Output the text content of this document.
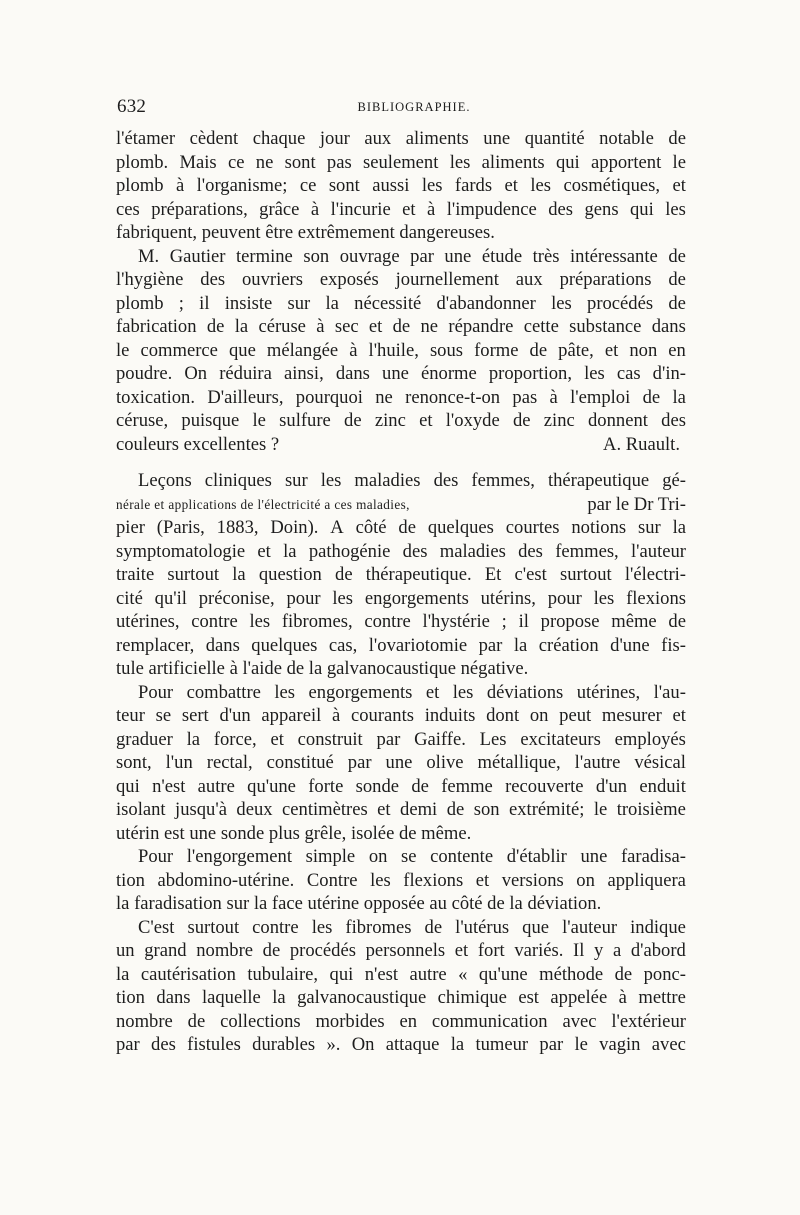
632	BIBLIOGRAPHIE.
l'étamer cèdent chaque jour aux aliments une quantité notable de
plomb. Mais ce ne sont pas seulement les aliments qui apportent le
plomb à l'organisme; ce sont aussi les fards et les cosmétiques, et
ces préparations, grâce à l'incurie et à l'impudence des gens qui les
fabriquent, peuvent être extrêmement dangereuses.
M. Gautier termine son ouvrage par une étude très intéressante de
l'hygiène des ouvriers exposés journellement aux préparations de
plomb ; il insiste sur la nécessité d'abandonner les procédés de
fabrication de la céruse à sec et de ne répandre cette substance dans
le commerce que mélangée à l'huile, sous forme de pâte, et non en
poudre. On réduira ainsi, dans une énorme proportion, les cas d'in-
toxication. D'ailleurs, pourquoi ne renonce-t-on pas à l'emploi de la
céruse, puisque le sulfure de zinc et l'oxyde de zinc donnent des
couleurs excellentes ?	A. Ruault.
Leçons cliniques sur les maladies des femmes, thérapeutique gé-
nérale et applications de l'électricité a ces maladies,	par le Dr Tri-
pier (Paris, 1883, Doin). A côté de quelques courtes notions sur la
symptomatologie et la pathogénie des maladies des femmes, l'auteur
traite surtout la question de thérapeutique. Et c'est surtout l'électri-
cité qu'il préconise, pour les engorgements utérins, pour les flexions
utérines, contre les fibromes, contre l'hystérie ; il propose même de
remplacer, dans quelques cas, l'ovariotomie par la création d'une fis-
tule artificielle à l'aide de la galvanocaustique négative.
Pour combattre les engorgements et les déviations utérines, l'au-
teur se sert d'un appareil à courants induits dont on peut mesurer et
graduer la force, et construit par Gaiffe. Les excitateurs employés
sont, l'un rectal, constitué par une olive métallique, l'autre vésical
qui n'est autre qu'une forte sonde de femme recouverte d'un enduit
isolant jusqu'à deux centimètres et demi de son extrémité; le troisième
utérin est une sonde plus grêle, isolée de même.
Pour l'engorgement simple on se contente d'établir une faradisa-
tion abdomino-utérine. Contre les flexions et versions on appliquera
la faradisation sur la face utérine opposée au côté de la déviation.
C'est surtout contre les fibromes de l'utérus que l'auteur indique
un grand nombre de procédés personnels et fort variés. Il y a d'abord
la cautérisation tubulaire, qui n'est autre « qu'une méthode de ponc-
tion dans laquelle la galvanocaustique chimique est appelée à mettre
nombre de collections morbides en communication avec l'extérieur
par des fistules durables ». On attaque la tumeur par le vagin avec
